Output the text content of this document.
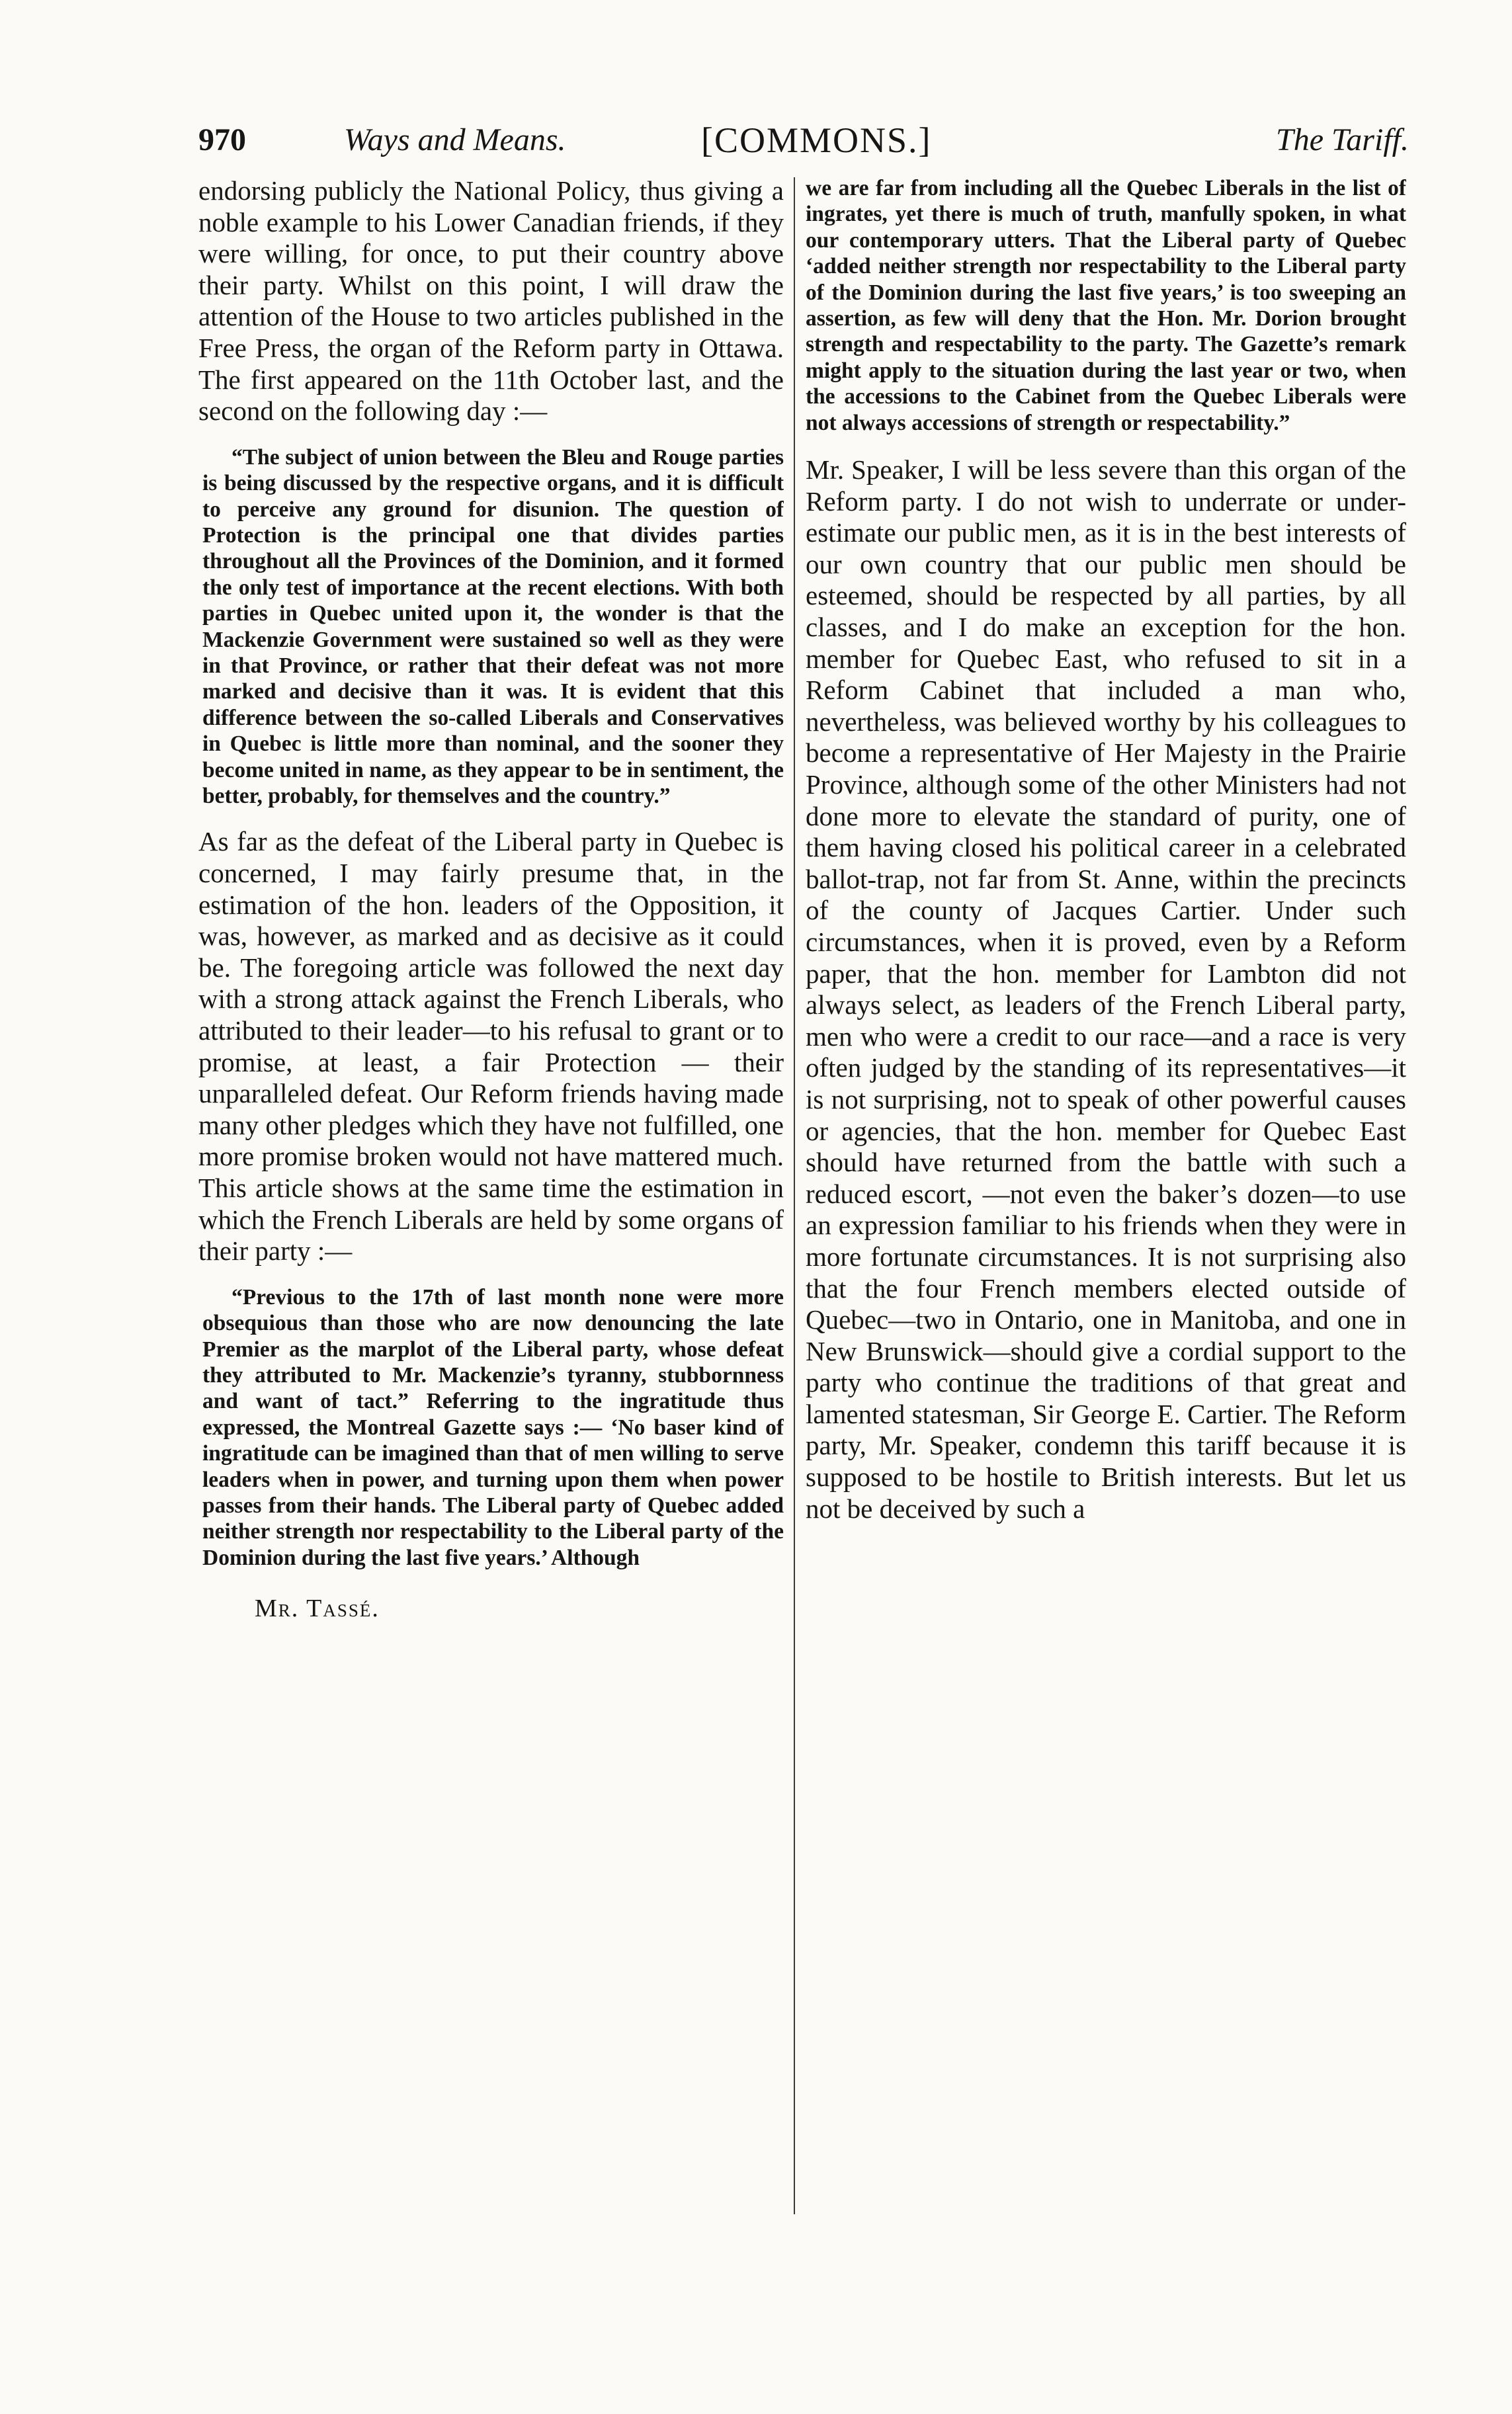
970	Ways and Means.	[COMMONS.]	The Tariff.

endorsing publicly the National Policy, thus giving a noble example to his Lower Canadian friends, if they were willing, for once, to put their country above their party. Whilst on this point, I will draw the attention of the House to two articles published in the Free Press, the organ of the Reform party in Ottawa. The first appeared on the 11th October last, and the second on the following day :—

“The subject of union between the Bleu and Rouge parties is being discussed by the respective organs, and it is difficult to perceive any ground for disunion. The question of Protection is the principal one that divides parties throughout all the Provinces of the Dominion, and it formed the only test of importance at the recent elections. With both parties in Quebec united upon it, the wonder is that the Mackenzie Government were sustained so well as they were in that Province, or rather that their defeat was not more marked and decisive than it was. It is evident that this difference between the so-called Liberals and Conservatives in Quebec is little more than nominal, and the sooner they become united in name, as they appear to be in sentiment, the better, probably, for themselves and the country.”

As far as the defeat of the Liberal party in Quebec is concerned, I may fairly presume that, in the estimation of the hon. leaders of the Opposition, it was, however, as marked and as decisive as it could be. The foregoing article was followed the next day with a strong attack against the French Liberals, who attributed to their leader—to his refusal to grant or to promise, at least, a fair Protection — their unparalleled defeat. Our Reform friends having made many other pledges which they have not fulfilled, one more promise broken would not have mattered much. This article shows at the same time the estimation in which the French Liberals are held by some organs of their party :—

“Previous to the 17th of last month none were more obsequious than those who are now denouncing the late Premier as the marplot of the Liberal party, whose defeat they attributed to Mr. Mackenzie’s tyranny, stubbornness and want of tact.” Referring to the ingratitude thus expressed, the Montreal Gazette says :— ‘No baser kind of ingratitude can be imagined than that of men willing to serve leaders when in power, and turning upon them when power passes from their hands. The Liberal party of Quebec added neither strength nor respectability to the Liberal party of the Dominion during the last five years.’ Although

Mr. Tassé.

we are far from including all the Quebec Liberals in the list of ingrates, yet there is much of truth, manfully spoken, in what our contemporary utters. That the Liberal party of Quebec ‘added neither strength nor respectability to the Liberal party of the Dominion during the last five years,’ is too sweeping an assertion, as few will deny that the Hon. Mr. Dorion brought strength and respectability to the party. The Gazette’s remark might apply to the situation during the last year or two, when the accessions to the Cabinet from the Quebec Liberals were not always accessions of strength or respectability.”

Mr. Speaker, I will be less severe than this organ of the Reform party. I do not wish to underrate or under-estimate our public men, as it is in the best interests of our own country that our public men should be esteemed, should be respected by all parties, by all classes, and I do make an exception for the hon. member for Quebec East, who refused to sit in a Reform Cabinet that included a man who, nevertheless, was believed worthy by his colleagues to become a representative of Her Majesty in the Prairie Province, although some of the other Ministers had not done more to elevate the standard of purity, one of them having closed his political career in a celebrated ballot-trap, not far from St. Anne, within the precincts of the county of Jacques Cartier. Under such circumstances, when it is proved, even by a Reform paper, that the hon. member for Lambton did not always select, as leaders of the French Liberal party, men who were a credit to our race—and a race is very often judged by the standing of its representatives—it is not surprising, not to speak of other powerful causes or agencies, that the hon. member for Quebec East should have returned from the battle with such a reduced escort, —not even the baker’s dozen—to use an expression familiar to his friends when they were in more fortunate circumstances. It is not surprising also that the four French members elected outside of Quebec—two in Ontario, one in Manitoba, and one in New Brunswick—should give a cordial support to the party who continue the traditions of that great and lamented statesman, Sir George E. Cartier. The Reform party, Mr. Speaker, condemn this tariff because it is supposed to be hostile to British interests. But let us not be deceived by such a
